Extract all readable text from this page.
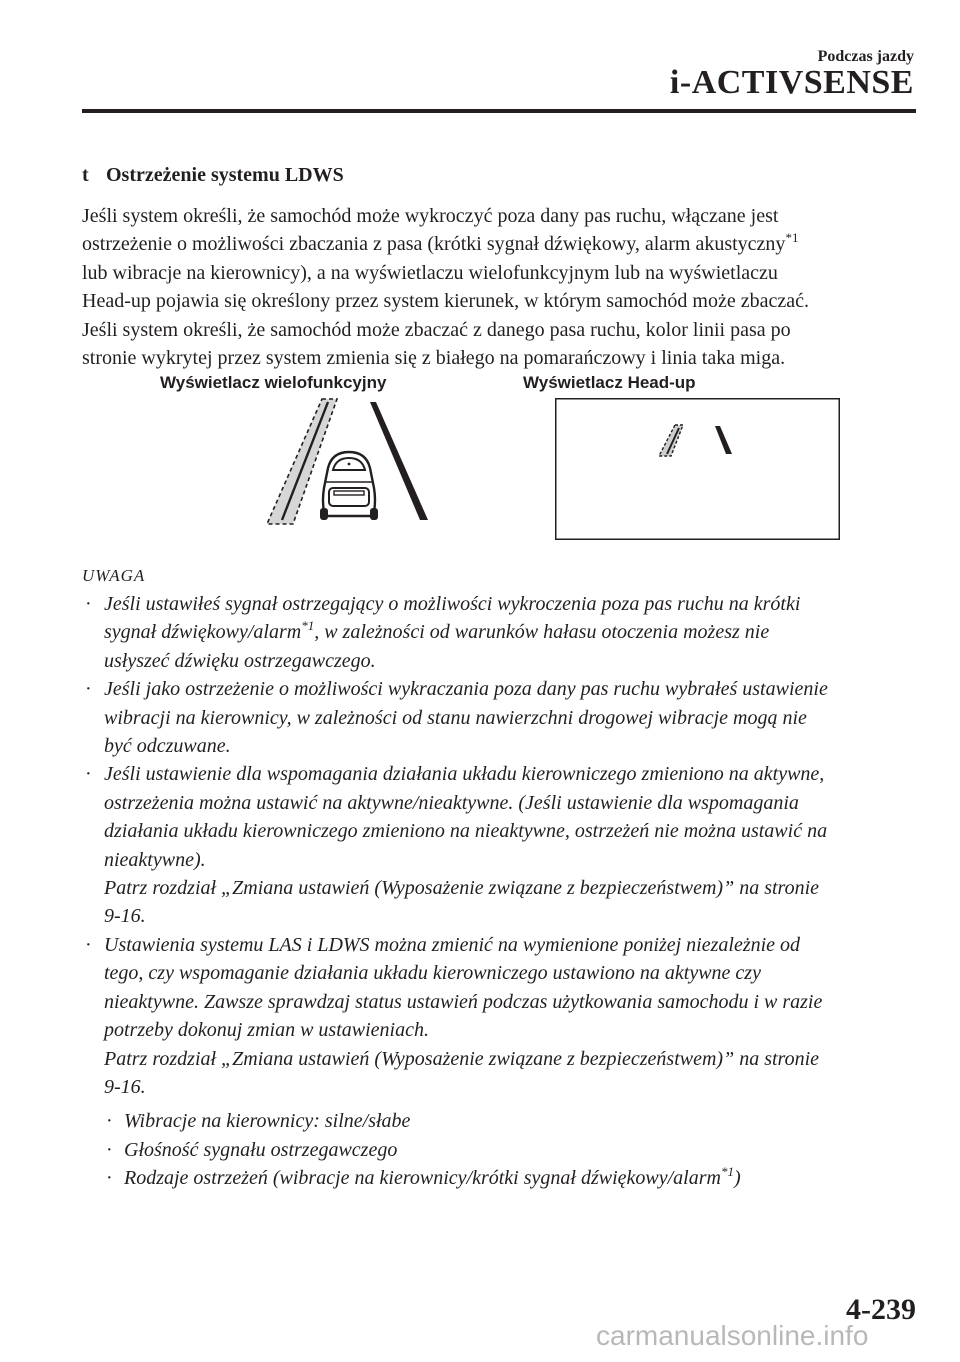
Podczas jazdy
i-ACTIVSENSE
t Ostrzeżenie systemu LDWS

Jeśli system określi, że samochód może wykroczyć poza dany pas ruchu, włączane jest

ostrzeżenie o możliwości zbaczania z pasa (krótki sygnał dźwiękowy, alarm akustyczny$^{*1}$

lub wibracje na kierownicy), a na wyświetlaczu wielofunkcyjnym lub na wyświetlaczu

Head-up pojawia się określony przez system kierunek, w którym samochód może zbaczać.

Jeśli system określi, że samochód może zbaczać z danego pasa ruchu, kolor linii pasa po

stronie wykrytej przez system zmienia się z białego na pomarańczowy i linia taka miga.

Wyświetlacz wielofunkcyjny	Wyświetlacz Head-up
UWAGA
· Jeśli ustawiłeś sygnał ostrzegający o możliwości wykroczenia poza pas ruchu na krótki
sygnał dźwiękowy/alarm$^{*1}$, w zależności od warunków hałasu otoczenia możesz nie
usłyszeć dźwięku ostrzegawczego.
· Jeśli jako ostrzeżenie o możliwości wykraczania poza dany pas ruchu wybrałeś ustawienie
wibracji na kierownicy, w zależności od stanu nawierzchni drogowej wibracje mogą nie
być odczuwane.
· Jeśli ustawienie dla wspomagania działania układu kierowniczego zmieniono na aktywne,
ostrzeżenia można ustawić na aktywne/nieaktywne. (Jeśli ustawienie dla wspomagania
działania układu kierowniczego zmieniono na nieaktywne, ostrzeżeń nie można ustawić na
nieaktywne).
Patrz rozdział „Zmiana ustawień (Wyposażenie związane z bezpieczeństwem)” na stronie
9-16.
· Ustawienia systemu LAS i LDWS można zmienić na wymienione poniżej niezależnie od
tego, czy wspomaganie działania układu kierowniczego ustawiono na aktywne czy
nieaktywne. Zawsze sprawdzaj status ustawień podczas użytkowania samochodu i w razie
potrzeby dokonuj zmian w ustawieniach.
Patrz rozdział „Zmiana ustawień (Wyposażenie związane z bezpieczeństwem)” na stronie
9-16.
· Wibracje na kierownicy: silne/słabe
· Głośność sygnału ostrzegawczego
· Rodzaje ostrzeżeń (wibracje na kierownicy/krótki sygnał dźwiękowy/alarm$^{*1}$)
4-239
carmanualsonline.info
